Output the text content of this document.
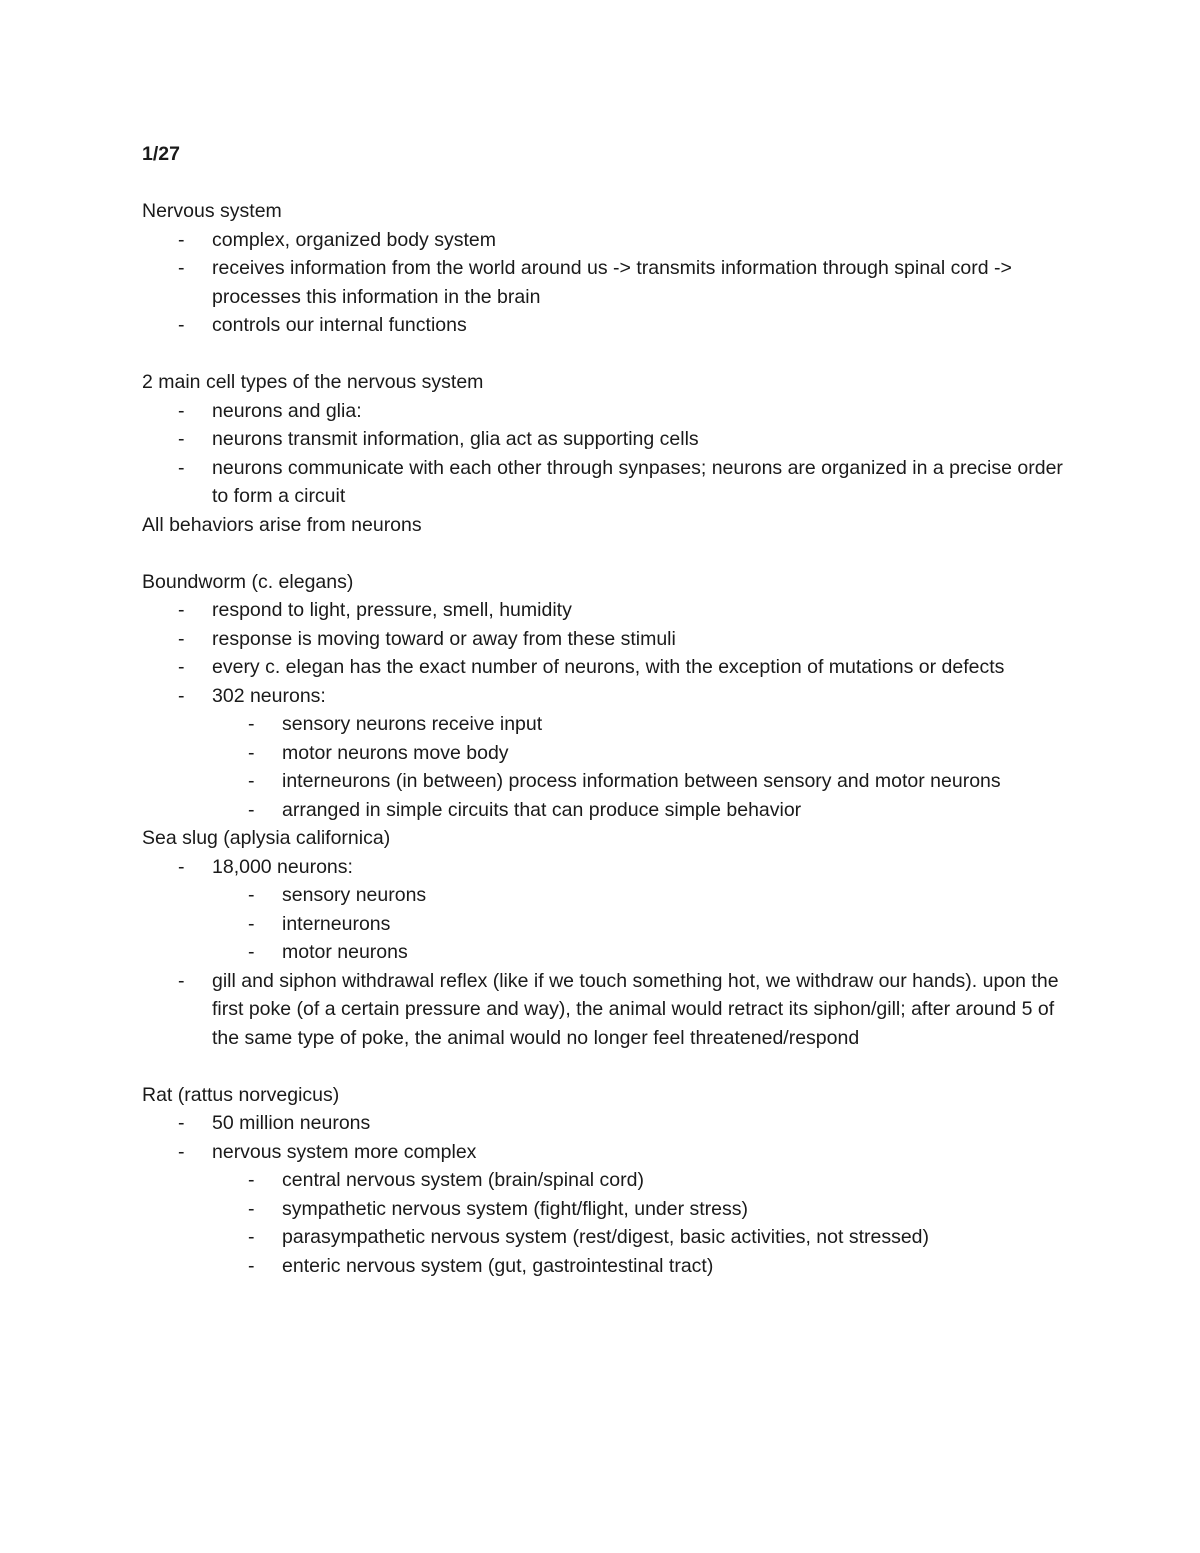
1/27
Nervous system
- complex, organized body system
- receives information from the world around us -> transmits information through spinal cord -> processes this information in the brain
- controls our internal functions
2 main cell types of the nervous system
- neurons and glia:
- neurons transmit information, glia act as supporting cells
- neurons communicate with each other through synpases; neurons are organized in a precise order to form a circuit
All behaviors arise from neurons
Boundworm (c. elegans)
- respond to light, pressure, smell, humidity
- response is moving toward or away from these stimuli
- every c. elegan has the exact number of neurons, with the exception of mutations or defects
- 302 neurons:
- sensory neurons receive input
- motor neurons move body
- interneurons (in between) process information between sensory and motor neurons
- arranged in simple circuits that can produce simple behavior
Sea slug (aplysia californica)
- 18,000 neurons:
- sensory neurons
- interneurons
- motor neurons
- gill and siphon withdrawal reflex (like if we touch something hot, we withdraw our hands). upon the first poke (of a certain pressure and way), the animal would retract its siphon/gill; after around 5 of the same type of poke, the animal would no longer feel threatened/respond
Rat (rattus norvegicus)
- 50 million neurons
- nervous system more complex
- central nervous system (brain/spinal cord)
- sympathetic nervous system (fight/flight, under stress)
- parasympathetic nervous system (rest/digest, basic activities, not stressed)
- enteric nervous system (gut, gastrointestinal tract)
